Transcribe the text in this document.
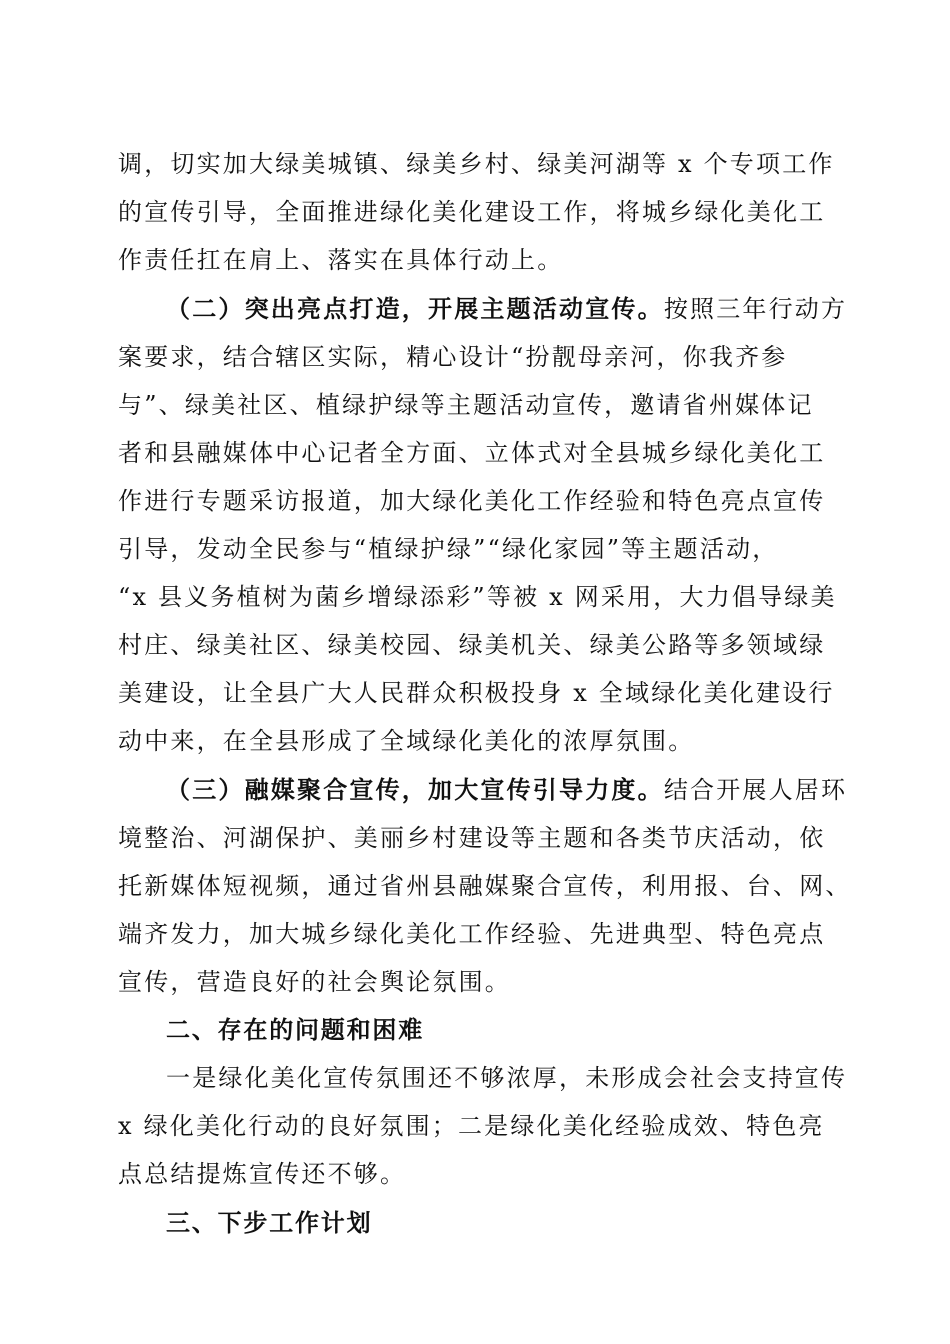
调，切实加大绿美城镇、绿美乡村、绿美河湖等 x 个专项工作
的宣传引导，全面推进绿化美化建设工作，将城乡绿化美化工
作责任扛在肩上、落实在具体行动上。
（二）突出亮点打造，开展主题活动宣传。按照三年行动方
案要求，结合辖区实际，精心设计“扮靓母亲河，你我齐参
与”、绿美社区、植绿护绿等主题活动宣传，邀请省州媒体记
者和县融媒体中心记者全方面、立体式对全县城乡绿化美化工
作进行专题采访报道，加大绿化美化工作经验和特色亮点宣传
引导，发动全民参与“植绿护绿”“绿化家园”等主题活动，
“x 县义务植树为菌乡增绿添彩”等被 x 网采用，大力倡导绿美
村庄、绿美社区、绿美校园、绿美机关、绿美公路等多领域绿
美建设，让全县广大人民群众积极投身 x 全域绿化美化建设行
动中来，在全县形成了全域绿化美化的浓厚氛围。
（三）融媒聚合宣传，加大宣传引导力度。结合开展人居环
境整治、河湖保护、美丽乡村建设等主题和各类节庆活动，依
托新媒体短视频，通过省州县融媒聚合宣传，利用报、台、网、
端齐发力，加大城乡绿化美化工作经验、先进典型、特色亮点
宣传，营造良好的社会舆论氛围。
二、存在的问题和困难
一是绿化美化宣传氛围还不够浓厚，未形成会社会支持宣传
x 绿化美化行动的良好氛围；二是绿化美化经验成效、特色亮
点总结提炼宣传还不够。
三、下步工作计划
